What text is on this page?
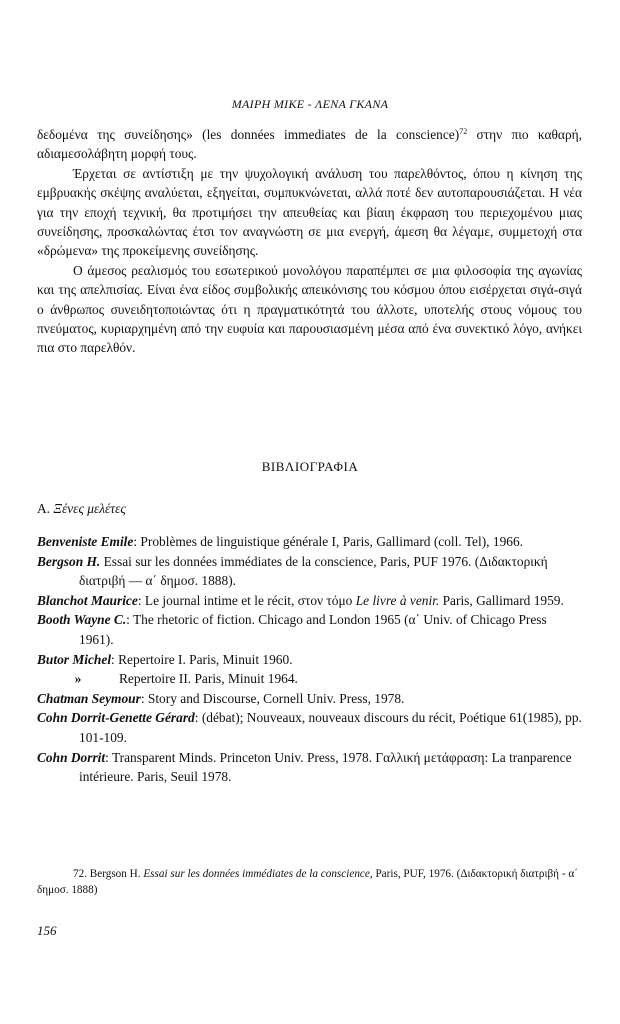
ΜΑΙΡΗ ΜΙΚΕ - ΛΕΝΑ ΓΚΑΝΑ

δεδομένα της συνείδησης» (les données immediates de la conscience)$^{72}$ στην πιο καθαρή, αδιαμεσολάβητη μορφή τους.

Έρχεται σε αντίστιξη με την ψυχολογική ανάλυση του παρελθόντος, όπου η κίνηση της εμβρυακής σκέψης αναλύεται, εξηγείται, συμπυκνώνεται, αλλά ποτέ δεν αυτοπαρουσιάζεται. Η νέα για την εποχή τεχνική, θα προτιμήσει την απευθείας και βίαιη έκφραση του περιεχομένου μιας συνείδησης, προσκαλώντας έτσι τον αναγνώστη σε μια ενεργή, άμεση θα λέγαμε, συμμετοχή στα «δρώμενα» της προκείμενης συνείδησης.

Ο άμεσος ρεαλισμός του εσωτερικού μονολόγου παραπέμπει σε μια φιλοσοφία της αγωνίας και της απελπισίας. Είναι ένα είδος συμβολικής απεικόνισης του κόσμου όπου εισέρχεται σιγά-σιγά ο άνθρωπος συνειδητοποιώντας ότι η πραγματικότητά του άλλοτε, υποτελής στους νόμους του πνεύματος, κυριαρχημένη από την ευφυία και παρουσιασμένη μέσα από ένα συνεκτικό λόγο, ανήκει πια στο παρελθόν.

ΒΙΒΛΙΟΓΡΑΦΙΑ
Α. Ξένες μελέτες
Benveniste Emile: Problèmes de linguistique générale I, Paris, Gallimard (coll. Tel), 1966.
Bergson H. Essai sur les données immédiates de la conscience, Paris, PUF 1976. (Διδακτορική διατριβή — α΄ δημοσ. 1888).
Blanchot Maurice: Le journal intime et le récit, στον τόμο Le livre à venir. Paris, Gallimard 1959.
Booth Wayne C.: The rhetoric of fiction. Chicago and London 1965 (α΄ Univ. of Chicago Press 1961).
Butor Michel: Repertoire I. Paris, Minuit 1960.
»	Repertoire II. Paris, Minuit 1964.
Chatman Seymour: Story and Discourse, Cornell Univ. Press, 1978.
Cohn Dorrit-Genette Gérard: (débat); Nouveaux, nouveaux discours du récit, Poétique 61(1985), pp. 101-109.
Cohn Dorrit: Transparent Minds. Princeton Univ. Press, 1978. Γαλλική μετάφραση: La tranparence intérieure. Paris, Seuil 1978.
72. Bergson H. Essai sur les données immédiates de la conscience, Paris, PUF, 1976. (Διδακτορική διατριβή - α΄ δημοσ. 1888)
156
